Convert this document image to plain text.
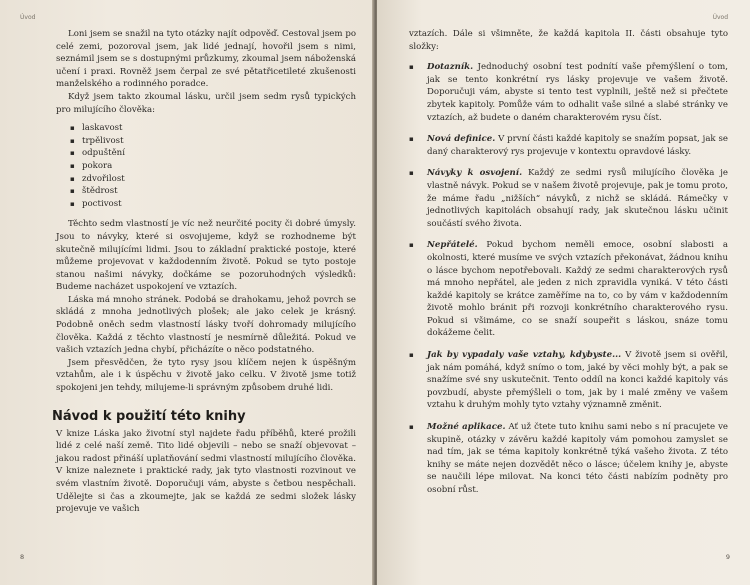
Úvod

Loni jsem se snažil na tyto otázky najít odpověď. Cestoval jsem po celé zemi, pozoroval jsem, jak lidé jednají, hovořil jsem s nimi, seznámil jsem se s dostupnými průzkumy, zkoumal jsem náboženská učení i praxi. Rovněž jsem čerpal ze své pětatřicetileté zkušenosti manželského a rodinného poradce.

Když jsem takto zkoumal lásku, určil jsem sedm rysů typických pro milujícího člověka:

▪ laskavost
▪ trpělivost
▪ odpuštění
▪ pokora
▪ zdvořilost
▪ štědrost
▪ poctivost

Těchto sedm vlastností je víc než neurčité pocity či dobré úmysly. Jsou to návyky, které si osvojujeme, když se rozhodneme být skutečně milujícími lidmi. Jsou to základní praktické postoje, které můžeme projevovat v každodenním životě. Pokud se tyto postoje stanou našimi návyky, dočkáme se pozoruhodných výsledků: Budeme nacházet uspokojení ve vztazích.

Láska má mnoho stránek. Podobá se drahokamu, jehož povrch se skládá z mnoha jednotlivých plošek; ale jako celek je krásný. Podobně oněch sedm vlastností lásky tvoří dohromady milujícího člověka. Každá z těchto vlastností je nesmírně důležitá. Pokud ve vašich vztazích jedna chybí, přicházíte o něco podstatného.

Jsem přesvědčen, že tyto rysy jsou klíčem nejen k úspěšným vztahům, ale i k úspěchu v životě jako celku. V životě jsme totiž spokojeni jen tehdy, milujeme-li správným způsobem druhé lidi.

Návod k použití této knihy

V knize Láska jako životní styl najdete řadu příběhů, které prožili lidé z celé naší země. Tito lidé objevili – nebo se snaží objevovat – jakou radost přináší uplatňování sedmi vlastností milujícího člověka. V knize naleznete i praktické rady, jak tyto vlastnosti rozvinout ve svém vlastním životě. Doporučuji vám, abyste s četbou nespěchali. Udělejte si čas a zkoumejte, jak se každá ze sedmi složek lásky projevuje ve vašich

8
Úvod

vztazích. Dále si všimněte, že každá kapitola II. části obsahuje tyto složky:

▪ Dotazník. Jednoduchý osobní test podnítí vaše přemýšlení o tom, jak se tento konkrétní rys lásky projevuje ve vašem životě. Doporučuji vám, abyste si tento test vyplnili, ještě než si přečtete zbytek kapitoly. Pomůže vám to odhalit vaše silné a slabé stránky ve vztazích, až budete o daném charakterovém rysu číst.
▪ Nová definice. V první části každé kapitoly se snažím popsat, jak se daný charakterový rys projevuje v kontextu opravdové lásky.
▪ Návyky k osvojení. Každý ze sedmi rysů milujícího člověka je vlastně návyk. Pokud se v našem životě projevuje, pak je tomu proto, že máme řadu „nižších“ návyků, z nichž se skládá. Rámečky v jednotlivých kapitolách obsahují rady, jak skutečnou lásku učinit součástí svého života.
▪ Nepřátelé. Pokud bychom neměli emoce, osobní slabosti a okolnosti, které musíme ve svých vztazích překonávat, žádnou knihu o lásce bychom nepotřebovali. Každý ze sedmi charakterových rysů má mnoho nepřátel, ale jeden z nich zpravidla vyniká. V této části každé kapitoly se krátce zaměříme na to, co by vám v každodenním životě mohlo bránit při rozvoji konkrétního charakterového rysu. Pokud si všimáme, co se snaží soupeřit s láskou, snáze tomu dokážeme čelit.
▪ Jak by vypadaly vaše vztahy, kdybyste... V životě jsem si ověřil, jak nám pomáhá, když snímo o tom, jaké by věci mohly být, a pak se snažíme své sny uskutečnit. Tento oddíl na konci každé kapitoly vás povzbudí, abyste přemýšleli o tom, jak by i malé změny ve vašem vztahu k druhým mohly tyto vztahy významně změnit.
▪ Možné aplikace. Ať už čtete tuto knihu sami nebo s ní pracujete ve skupině, otázky v závěru každé kapitoly vám pomohou zamyslet se nad tím, jak se téma kapitoly konkrétně týká vašeho života. Z této knihy se máte nejen dozvědět něco o lásce; účelem knihy je, abyste se naučili lépe milovat. Na konci této části nabízím podněty pro osobní růst.
9
